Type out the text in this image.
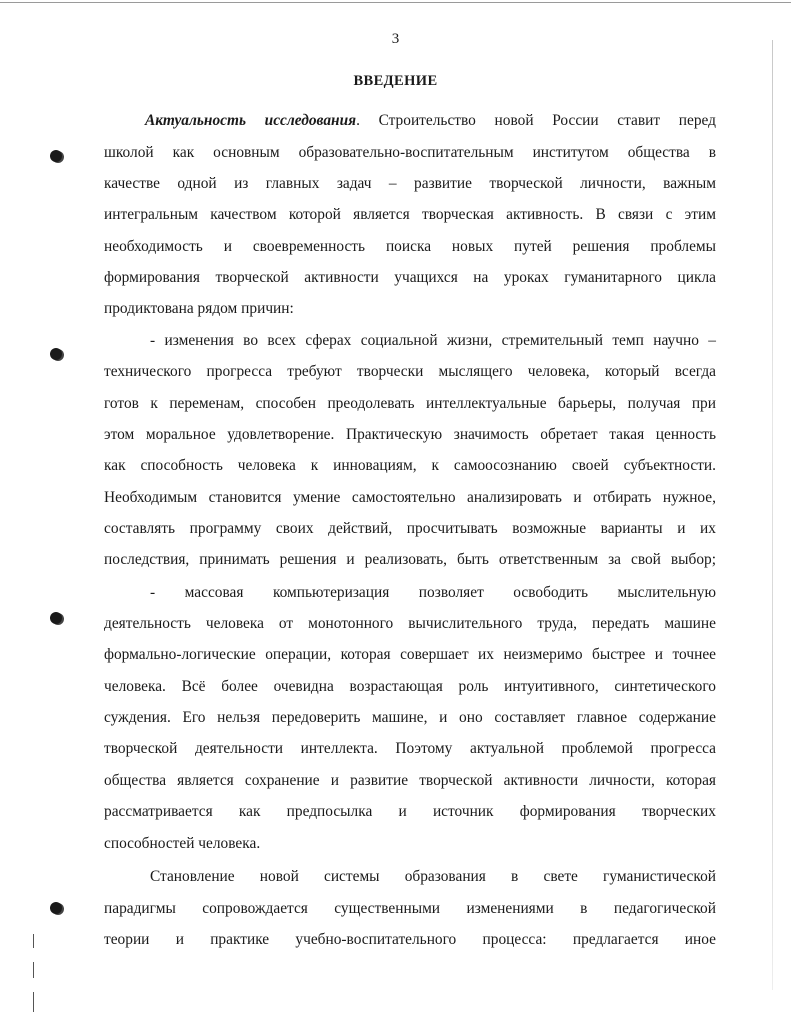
3
ВВЕДЕНИЕ
Актуальность исследования. Строительство новой России ставит перед
школой как основным образовательно-воспитательным институтом общества в
качестве одной из главных задач – развитие творческой личности, важным
интегральным качеством которой является творческая активность. В связи с этим
необходимость и своевременность поиска новых путей решения проблемы
формирования творческой активности учащихся на уроках гуманитарного цикла
продиктована рядом причин:
- изменения во всех сферах социальной жизни, стремительный темп научно –
технического прогресса требуют творчески мыслящего человека, который всегда
готов к переменам, способен преодолевать интеллектуальные барьеры, получая при
этом моральное удовлетворение. Практическую значимость обретает такая ценность
как способность человека к инновациям, к самоосознанию своей субъектности.
Необходимым становится умение самостоятельно анализировать и отбирать нужное,
составлять программу своих действий, просчитывать возможные варианты и их
последствия, принимать решения и реализовать, быть ответственным за свой выбор;
- массовая компьютеризация позволяет освободить мыслительную
деятельность человека от монотонного вычислительного труда, передать машине
формально-логические операции, которая совершает их неизмеримо быстрее и точнее
человека. Всё более очевидна возрастающая роль интуитивного, синтетического
суждения. Его нельзя передоверить машине, и оно составляет главное содержание
творческой деятельности интеллекта. Поэтому актуальной проблемой прогресса
общества является сохранение и развитие творческой активности личности, которая
рассматривается как предпосылка и источник формирования творческих
способностей человека.
Становление новой системы образования в свете гуманистической
парадигмы сопровождается существенными изменениями в педагогической
теории и практике учебно-воспитательного процесса: предлагается иное
